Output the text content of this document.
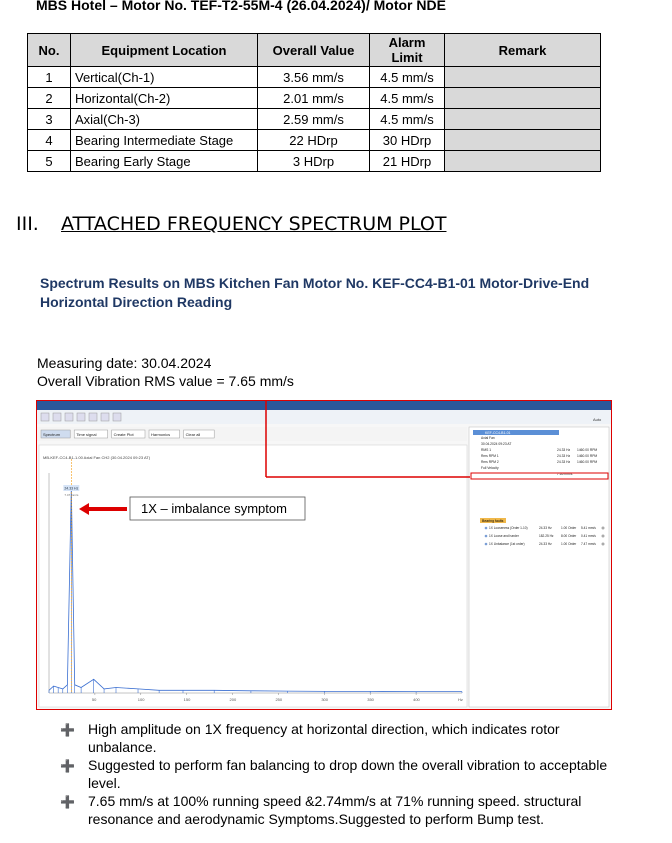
MBS Hotel – Motor No. TEF-T2-55M-4 (26.04.2024)/ Motor NDE
No.	Equipment Location	Overall Value	Alarm Limit	Remark
1	Vertical(Ch-1)	3.56 mm/s	4.5 mm/s	
2	Horizontal(Ch-2)	2.01 mm/s	4.5 mm/s	
3	Axial(Ch-3)	2.59 mm/s	4.5 mm/s	
4	Bearing Intermediate Stage	22 HDrp	30 HDrp	
5	Bearing Early Stage	3 HDrp	21 HDrp	
III. ATTACHED FREQUENCY SPECTRUM PLOT
Spectrum Results on MBS Kitchen Fan Motor No. KEF-CC4-B1-01 Motor-Drive-End Horizontal Direction Reading
Measuring date: 30.04.2024
Overall Vibration RMS value = 7.65 mm/s
Spectrum	Time signal	Create Plot	Harmonics	Clear all
MB-KEF-CC4-B1-1.00 Axial Fan CH2 (30.04.2024 09:23 AT)
50	100	150	200	250	300	350	400	Hz
24.33 Hz
7.47 mm/s
Auto
KEF-CC4-B1-01
Axial Fan
30.04.2024 09:23 AT
RMS 1
Rms RPM 1
Rms RPM 2
Full Velocity
24.33 Hz
24.33 Hz
24.33 Hz
7.65 mm/s
1460.00 RPM
1460.00 RPM
1460.00 RPM
Bearing faults
1X Looseness (Order 1-10)	24.33 Hz	1.00 Order 5.41 mm/s
1X Loose and harder	182.25 Hz 8.00 Order 0.41 mm/s
1X Unbalance (1st order)	24.33 Hz	1.00 Order 7.47 mm/s
1X – imbalance symptom
➕ High amplitude on 1X frequency at horizontal direction, which indicates rotor unbalance.
➕ Suggested to perform fan balancing to drop down the overall vibration to acceptable level.
➕ 7.65 mm/s at 100% running speed &2.74mm/s at 71% running speed. structural resonance and aerodynamic Symptoms.Suggested to perform Bump test.
